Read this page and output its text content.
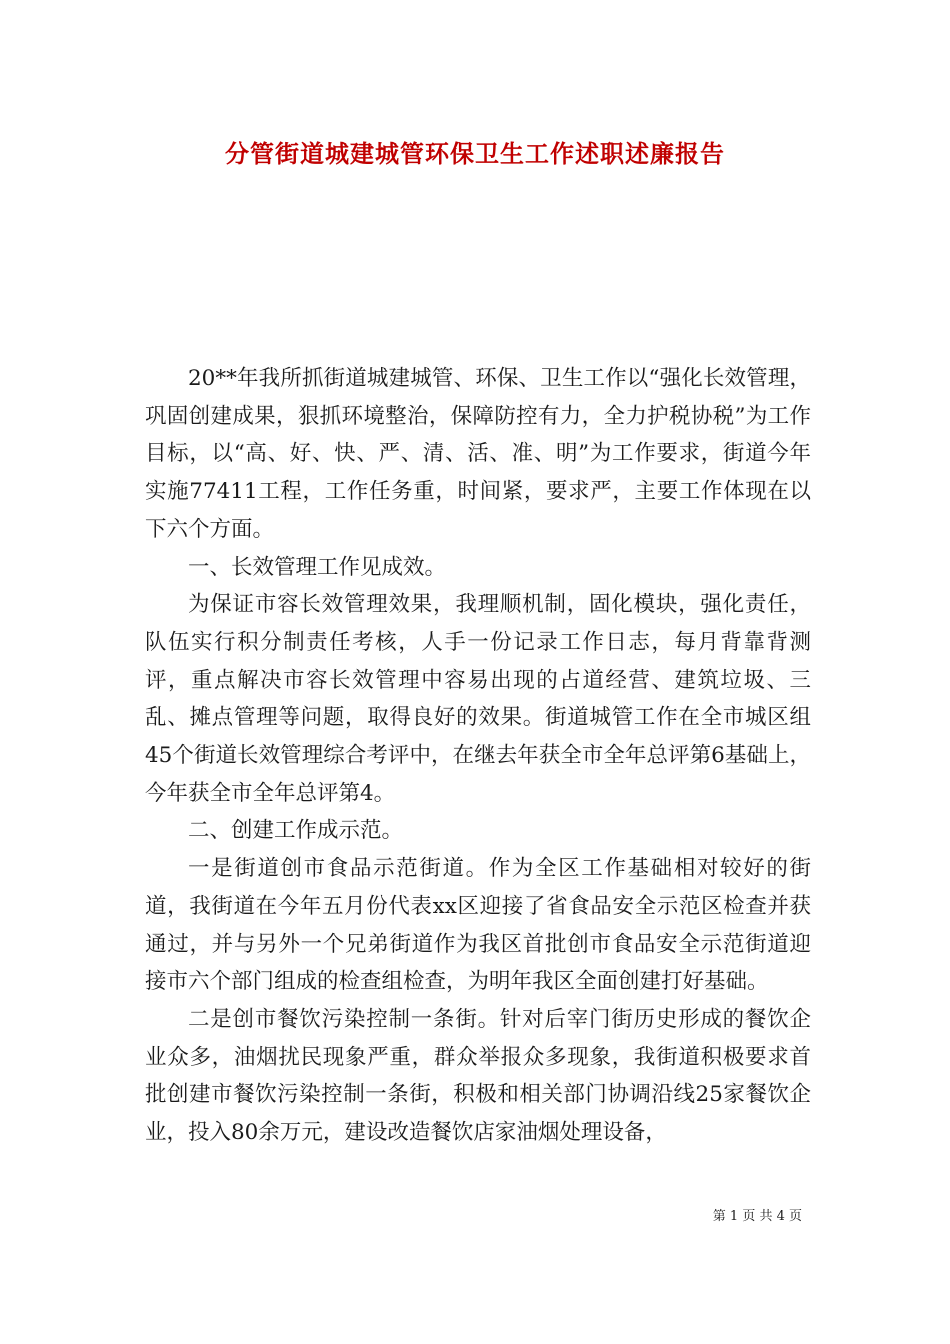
分管街道城建城管环保卫生工作述职述廉报告

20**年我所抓街道城建城管、环保、卫生工作以“强化长效管理，巩固创建成果，狠抓环境整治，保障防控有力，全力护税协税”为工作目标，以“高、好、快、严、清、活、准、明”为工作要求，街道今年实施77411工程，工作任务重，时间紧，要求严，主要工作体现在以下六个方面。

一、长效管理工作见成效。

为保证市容长效管理效果，我理顺机制，固化模块，强化责任，队伍实行积分制责任考核，人手一份记录工作日志，每月背靠背测评，重点解决市容长效管理中容易出现的占道经营、建筑垃圾、三乱、摊点管理等问题，取得良好的效果。街道城管工作在全市城区组45个街道长效管理综合考评中，在继去年获全市全年总评第6基础上，今年获全市全年总评第4。

二、创建工作成示范。

一是街道创市食品示范街道。作为全区工作基础相对较好的街道，我街道在今年五月份代表xx区迎接了省食品安全示范区检查并获通过，并与另外一个兄弟街道作为我区首批创市食品安全示范街道迎接市六个部门组成的检查组检查，为明年我区全面创建打好基础。

二是创市餐饮污染控制一条街。针对后宰门街历史形成的餐饮企业众多，油烟扰民现象严重，群众举报众多现象，我街道积极要求首批创建市餐饮污染控制一条街，积极和相关部门协调沿线25家餐饮企业，投入80余万元，建设改造餐饮店家油烟处理设备，

第 1 页 共 4 页
